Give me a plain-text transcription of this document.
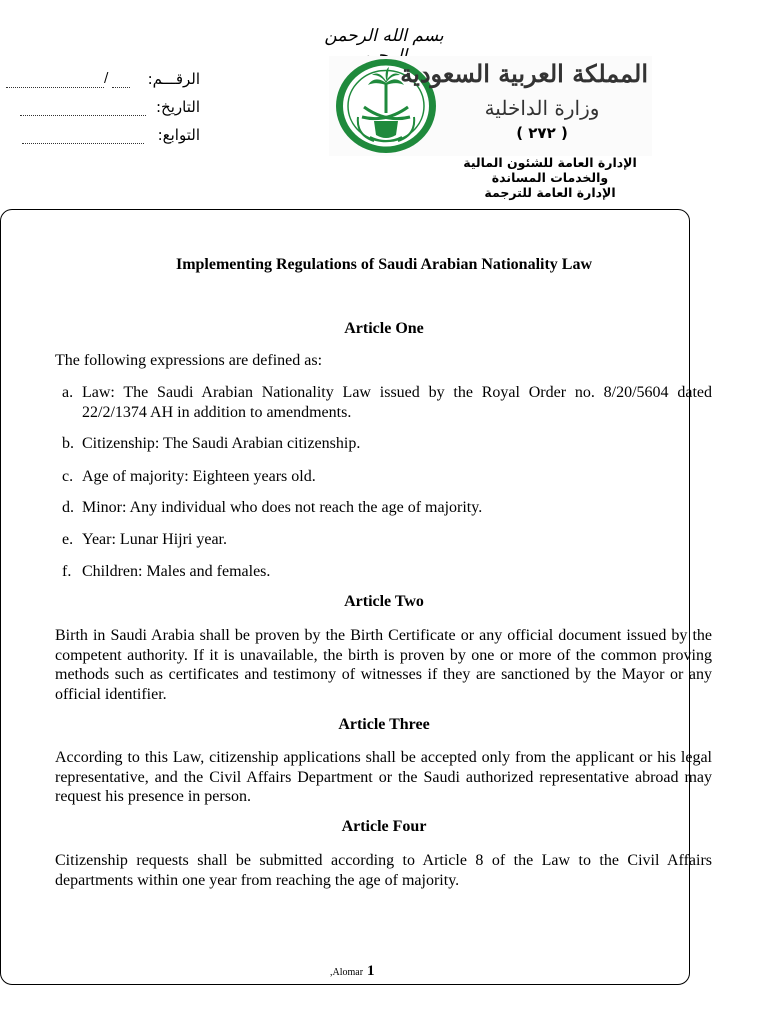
بسم الله الرحمن
/	الرقـــم:
التاريخ:
التوابع:
المملكة العربية السعودية
وزارة الداخلية
( ٢٧٢ )
الإدارة العامة للشئون المالية
والخدمات المساندة
الإدارة العامة للترجمة
Implementing Regulations of Saudi Arabian Nationality Law
Article One
The following expressions are defined as:
a. Law: The Saudi Arabian Nationality Law issued by the Royal Order no. 8/20/5604 dated 22/2/1374 AH in addition to amendments.
b. Citizenship: The Saudi Arabian citizenship.
c. Age of majority: Eighteen years old.
d. Minor: Any individual who does not reach the age of majority.
e. Year: Lunar Hijri year.
f. Children: Males and females.
Article Two
Birth in Saudi Arabia shall be proven by the Birth Certificate or any official document issued by the competent authority. If it is unavailable, the birth is proven by one or more of the common proving methods such as certificates and testimony of witnesses if they are sanctioned by the Mayor or any official identifier.
Article Three
According to this Law, citizenship applications shall be accepted only from the applicant or his legal representative, and the Civil Affairs Department or the Saudi authorized representative abroad may request his presence in person.
Article Four
Citizenship requests shall be submitted according to Article 8 of the Law to the Civil Affairs departments within one year from reaching the age of majority.
,Alomar 1
